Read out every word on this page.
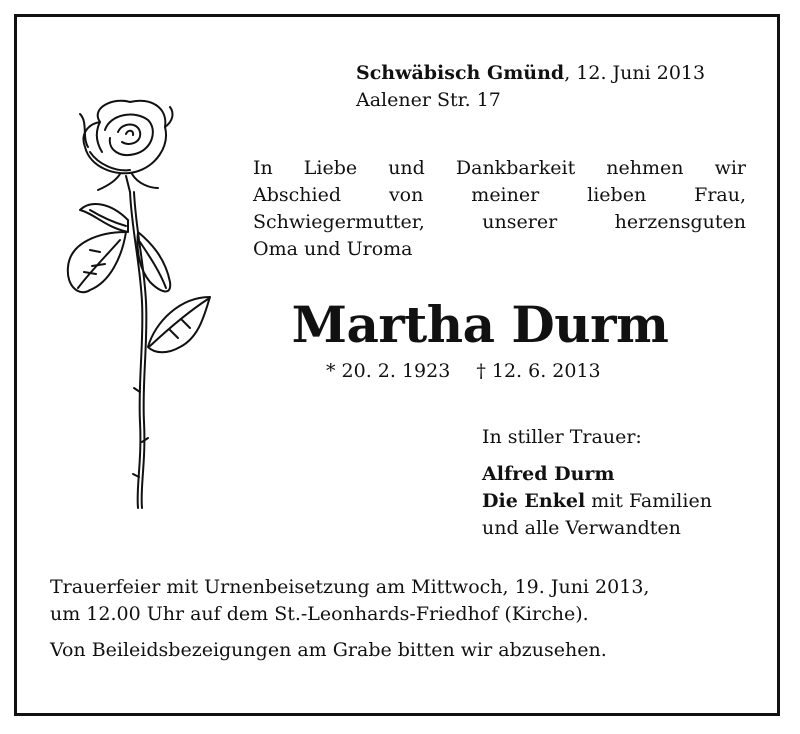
Schwäbisch Gmünd, 12. Juni 2013
Aalener Str. 17
In Liebe und Dankbarkeit nehmen wir
Abschied von meiner lieben Frau,
Schwiegermutter, unserer herzensguten
Oma und Uroma
Martha Durm
* 20. 2. 1923 † 12. 6. 2013
In stiller Trauer:
Alfred Durm
Die Enkel mit Familien
und alle Verwandten
Trauerfeier mit Urnenbeisetzung am Mittwoch, 19. Juni 2013,
um 12.00 Uhr auf dem St.-Leonhards-Friedhof (Kirche).
Von Beileidsbezeigungen am Grabe bitten wir abzusehen.
